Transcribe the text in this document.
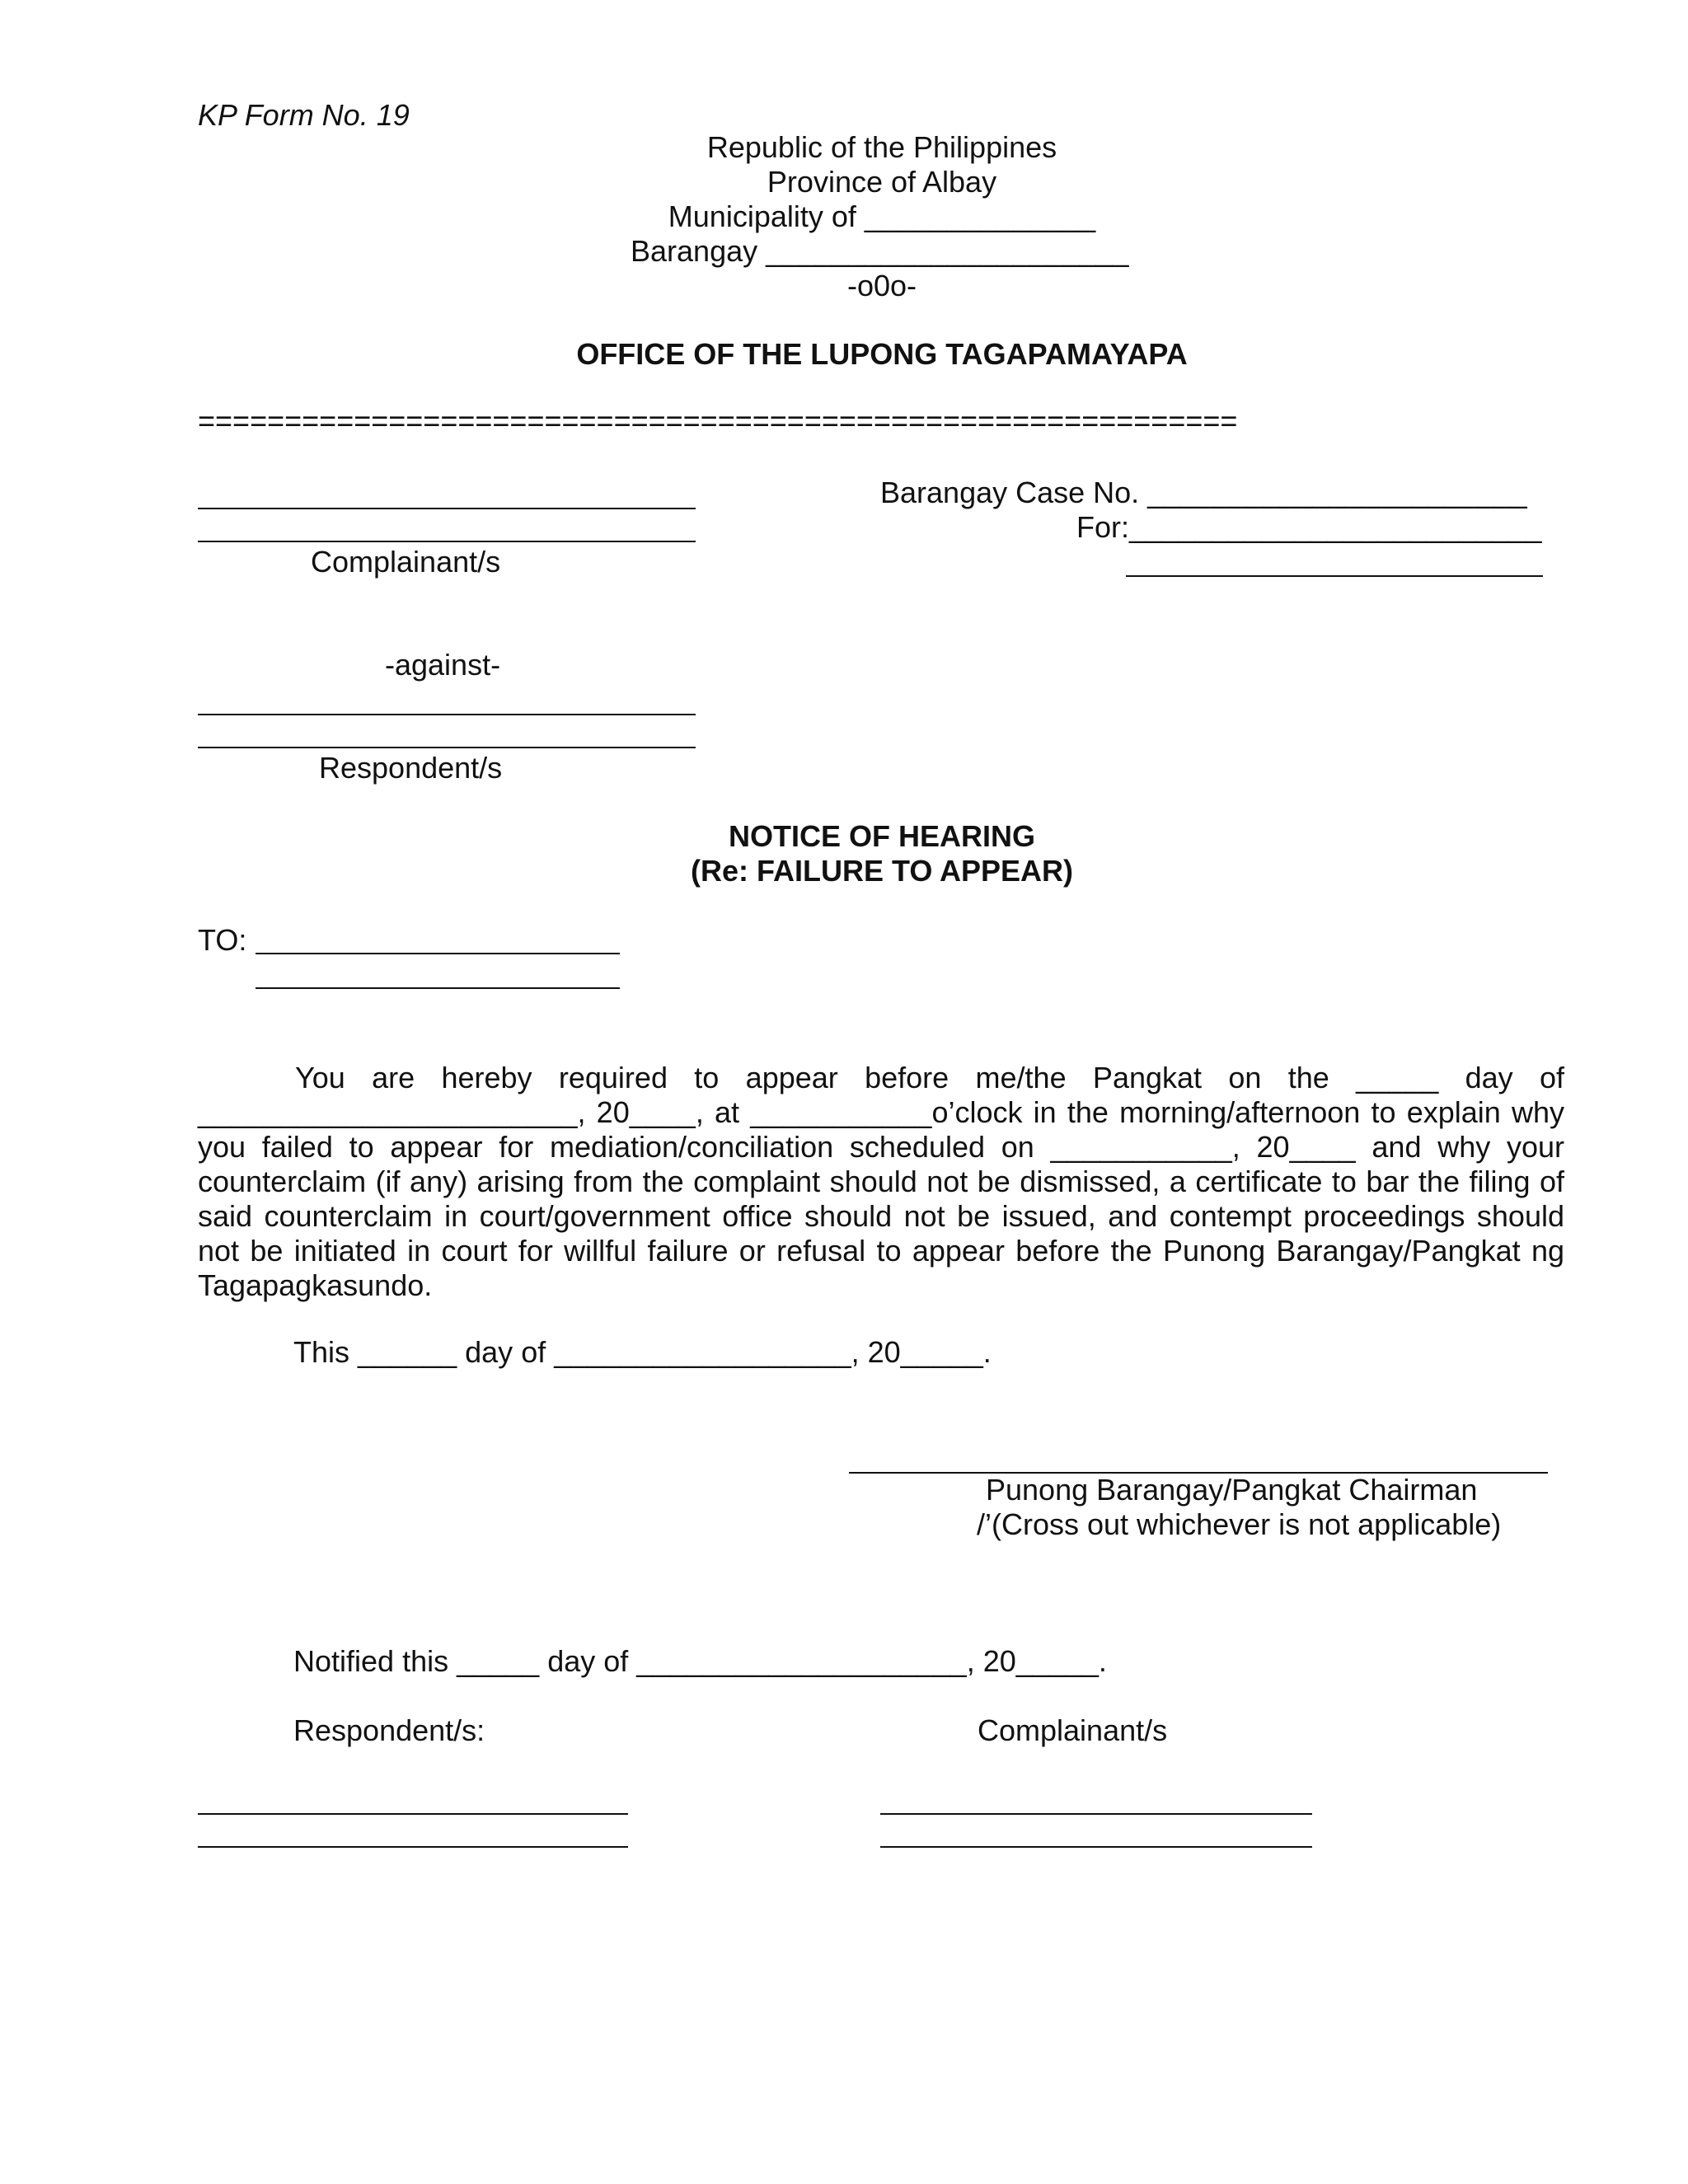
KP Form No. 19
Republic of the Philippines
Province of Albay
Municipality of ______________
Barangay ______________________
-o0o-
OFFICE OF THE LUPONG TAGAPAMAYAPA
============================================================
Complainant/s
Barangay Case No. _______________________
For:_________________________
-against-
Respondent/s
NOTICE OF HEARING
(Re: FAILURE TO APPEAR)
TO:
You are hereby required to appear before me/the Pangkat on the _____ day of _______________________, 20____, at ___________o’clock in the morning/afternoon to explain why you failed to appear for mediation/conciliation scheduled on ___________, 20____ and why your counterclaim (if any) arising from the complaint should not be dismissed, a certificate to bar the filing of said counterclaim in court/government office should not be issued, and contempt proceedings should not be initiated in court for willful failure or refusal to appear before the Punong Barangay/Pangkat ng Tagapagkasundo.
This ______ day of __________________, 20_____.
Punong Barangay/Pangkat Chairman
/’(Cross out whichever is not applicable)
Notified this _____ day of ____________________, 20_____.
Respondent/s:	Complainant/s
